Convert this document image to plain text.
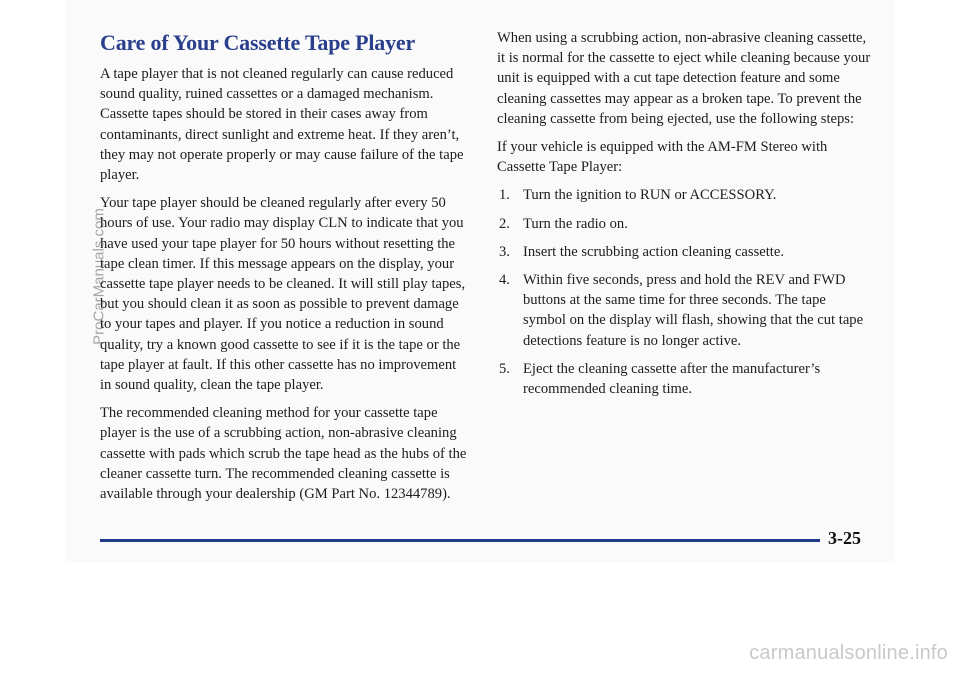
Care of Your Cassette Tape Player

A tape player that is not cleaned regularly can cause reduced sound quality, ruined cassettes or a damaged mechanism. Cassette tapes should be stored in their cases away from contaminants, direct sunlight and extreme heat. If they aren’t, they may not operate properly or may cause failure of the tape player.

Your tape player should be cleaned regularly after every 50 hours of use. Your radio may display CLN to indicate that you have used your tape player for 50 hours without resetting the tape clean timer. If this message appears on the display, your cassette tape player needs to be cleaned. It will still play tapes, but you should clean it as soon as possible to prevent damage to your tapes and player. If you notice a reduction in sound quality, try a known good cassette to see if it is the tape or the tape player at fault. If this other cassette has no improvement in sound quality, clean the tape player.

The recommended cleaning method for your cassette tape player is the use of a scrubbing action, non-abrasive cleaning cassette with pads which scrub the tape head as the hubs of the cleaner cassette turn. The recommended cleaning cassette is available through your dealership (GM Part No. 12344789).

When using a scrubbing action, non-abrasive cleaning cassette, it is normal for the cassette to eject while cleaning because your unit is equipped with a cut tape detection feature and some cleaning cassettes may appear as a broken tape. To prevent the cleaning cassette from being ejected, use the following steps:

If your vehicle is equipped with the AM-FM Stereo with Cassette Tape Player:

1. Turn the ignition to RUN or ACCESSORY.
2. Turn the radio on.
3. Insert the scrubbing action cleaning cassette.
4. Within five seconds, press and hold the REV and FWD buttons at the same time for three seconds. The tape symbol on the display will flash, showing that the cut tape detections feature is no longer active.
5. Eject the cleaning cassette after the manufacturer’s recommended cleaning time.
3-25
ProCarManuals.com
carmanualsonline.info
